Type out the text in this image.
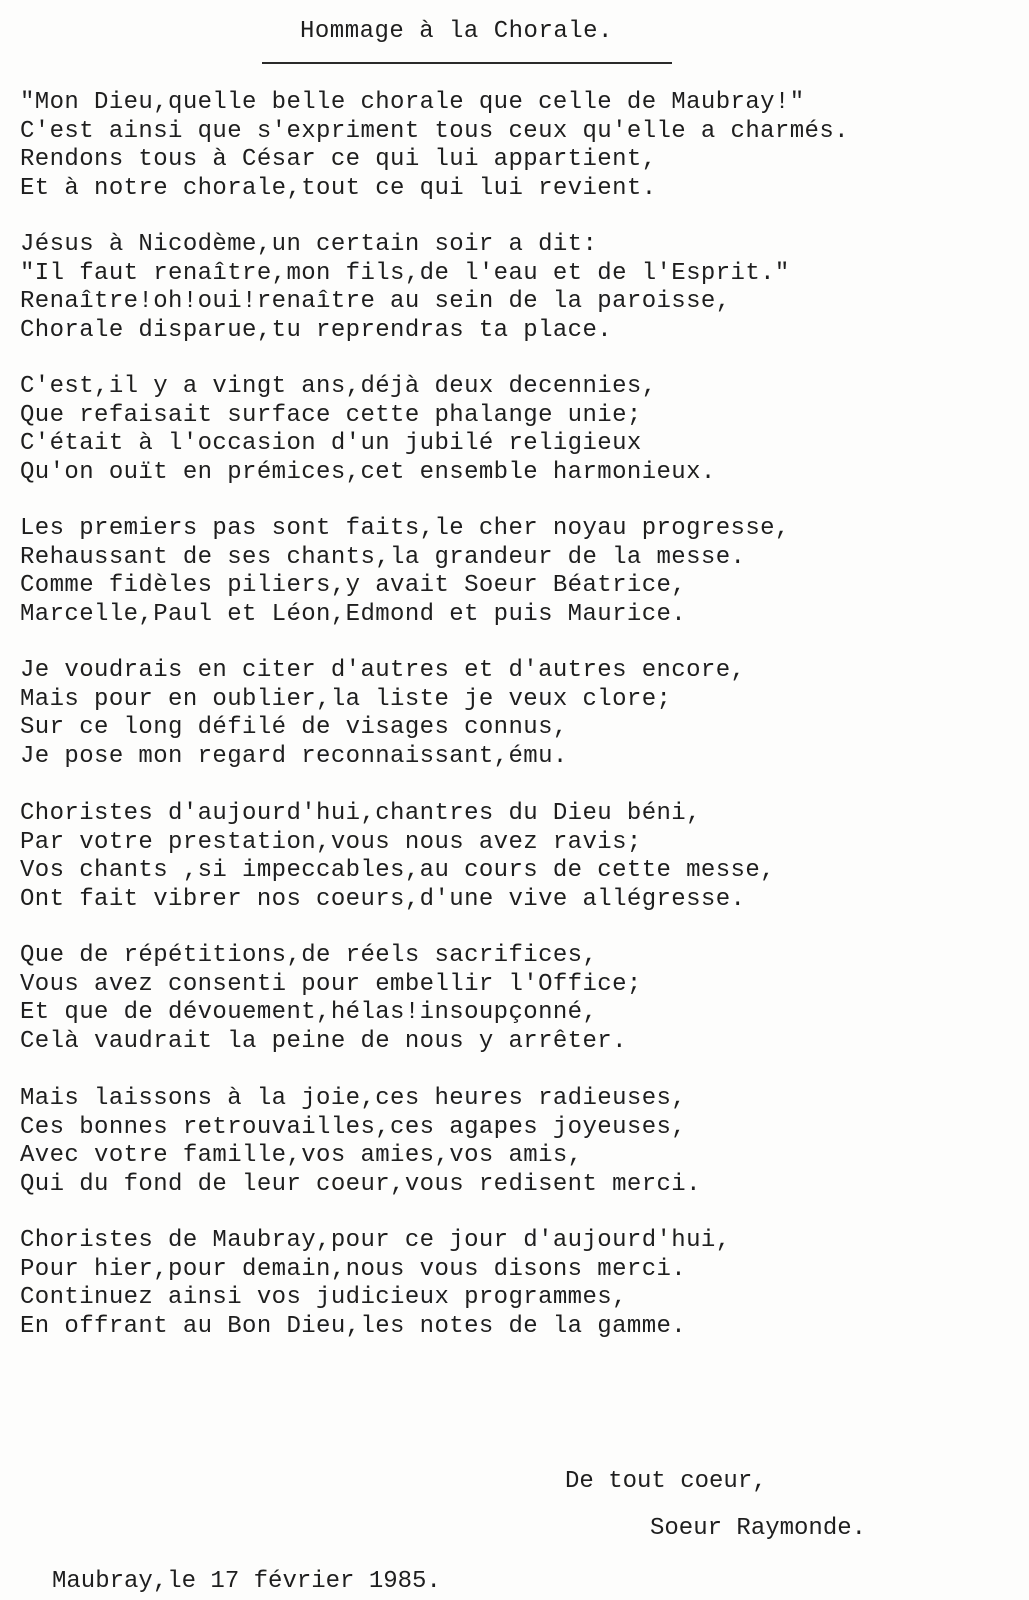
Hommage à la Chorale.
"Mon Dieu,quelle belle chorale que celle de Maubray!"
C'est ainsi que s'expriment tous ceux qu'elle a charmés.
Rendons tous à César ce qui lui appartient,
Et à notre chorale,tout ce qui lui revient.
Jésus à Nicodème,un certain soir a dit:
"Il faut renaître,mon fils,de l'eau et de l'Esprit."
Renaître!oh!oui!renaître au sein de la paroisse,
Chorale disparue,tu reprendras ta place.
C'est,il y a vingt ans,déjà deux decennies,
Que refaisait surface cette phalange unie;
C'était à l'occasion d'un jubilé religieux
Qu'on ouït en prémices,cet ensemble harmonieux.
Les premiers pas sont faits,le cher noyau progresse,
Rehaussant de ses chants,la grandeur de la messe.
Comme fidèles piliers,y avait Soeur Béatrice,
Marcelle,Paul et Léon,Edmond et puis Maurice.
Je voudrais en citer d'autres et d'autres encore,
Mais pour en oublier,la liste je veux clore;
Sur ce long défilé de visages connus,
Je pose mon regard reconnaissant,ému.
Choristes d'aujourd'hui,chantres du Dieu béni,
Par votre prestation,vous nous avez ravis;
Vos chants ,si impeccables,au cours de cette messe,
Ont fait vibrer nos coeurs,d'une vive allégresse.
Que de répétitions,de réels sacrifices,
Vous avez consenti pour embellir l'Office;
Et que de dévouement,hélas!insoupçonné,
Celà vaudrait la peine de nous y arrêter.
Mais laissons à la joie,ces heures radieuses,
Ces bonnes retrouvailles,ces agapes joyeuses,
Avec votre famille,vos amies,vos amis,
Qui du fond de leur coeur,vous redisent merci.
Choristes de Maubray,pour ce jour d'aujourd'hui,
Pour hier,pour demain,nous vous disons merci.
Continuez ainsi vos judicieux programmes,
En offrant au Bon Dieu,les notes de la gamme.
De tout coeur,
Soeur Raymonde.
Maubray,le 17 février 1985.
